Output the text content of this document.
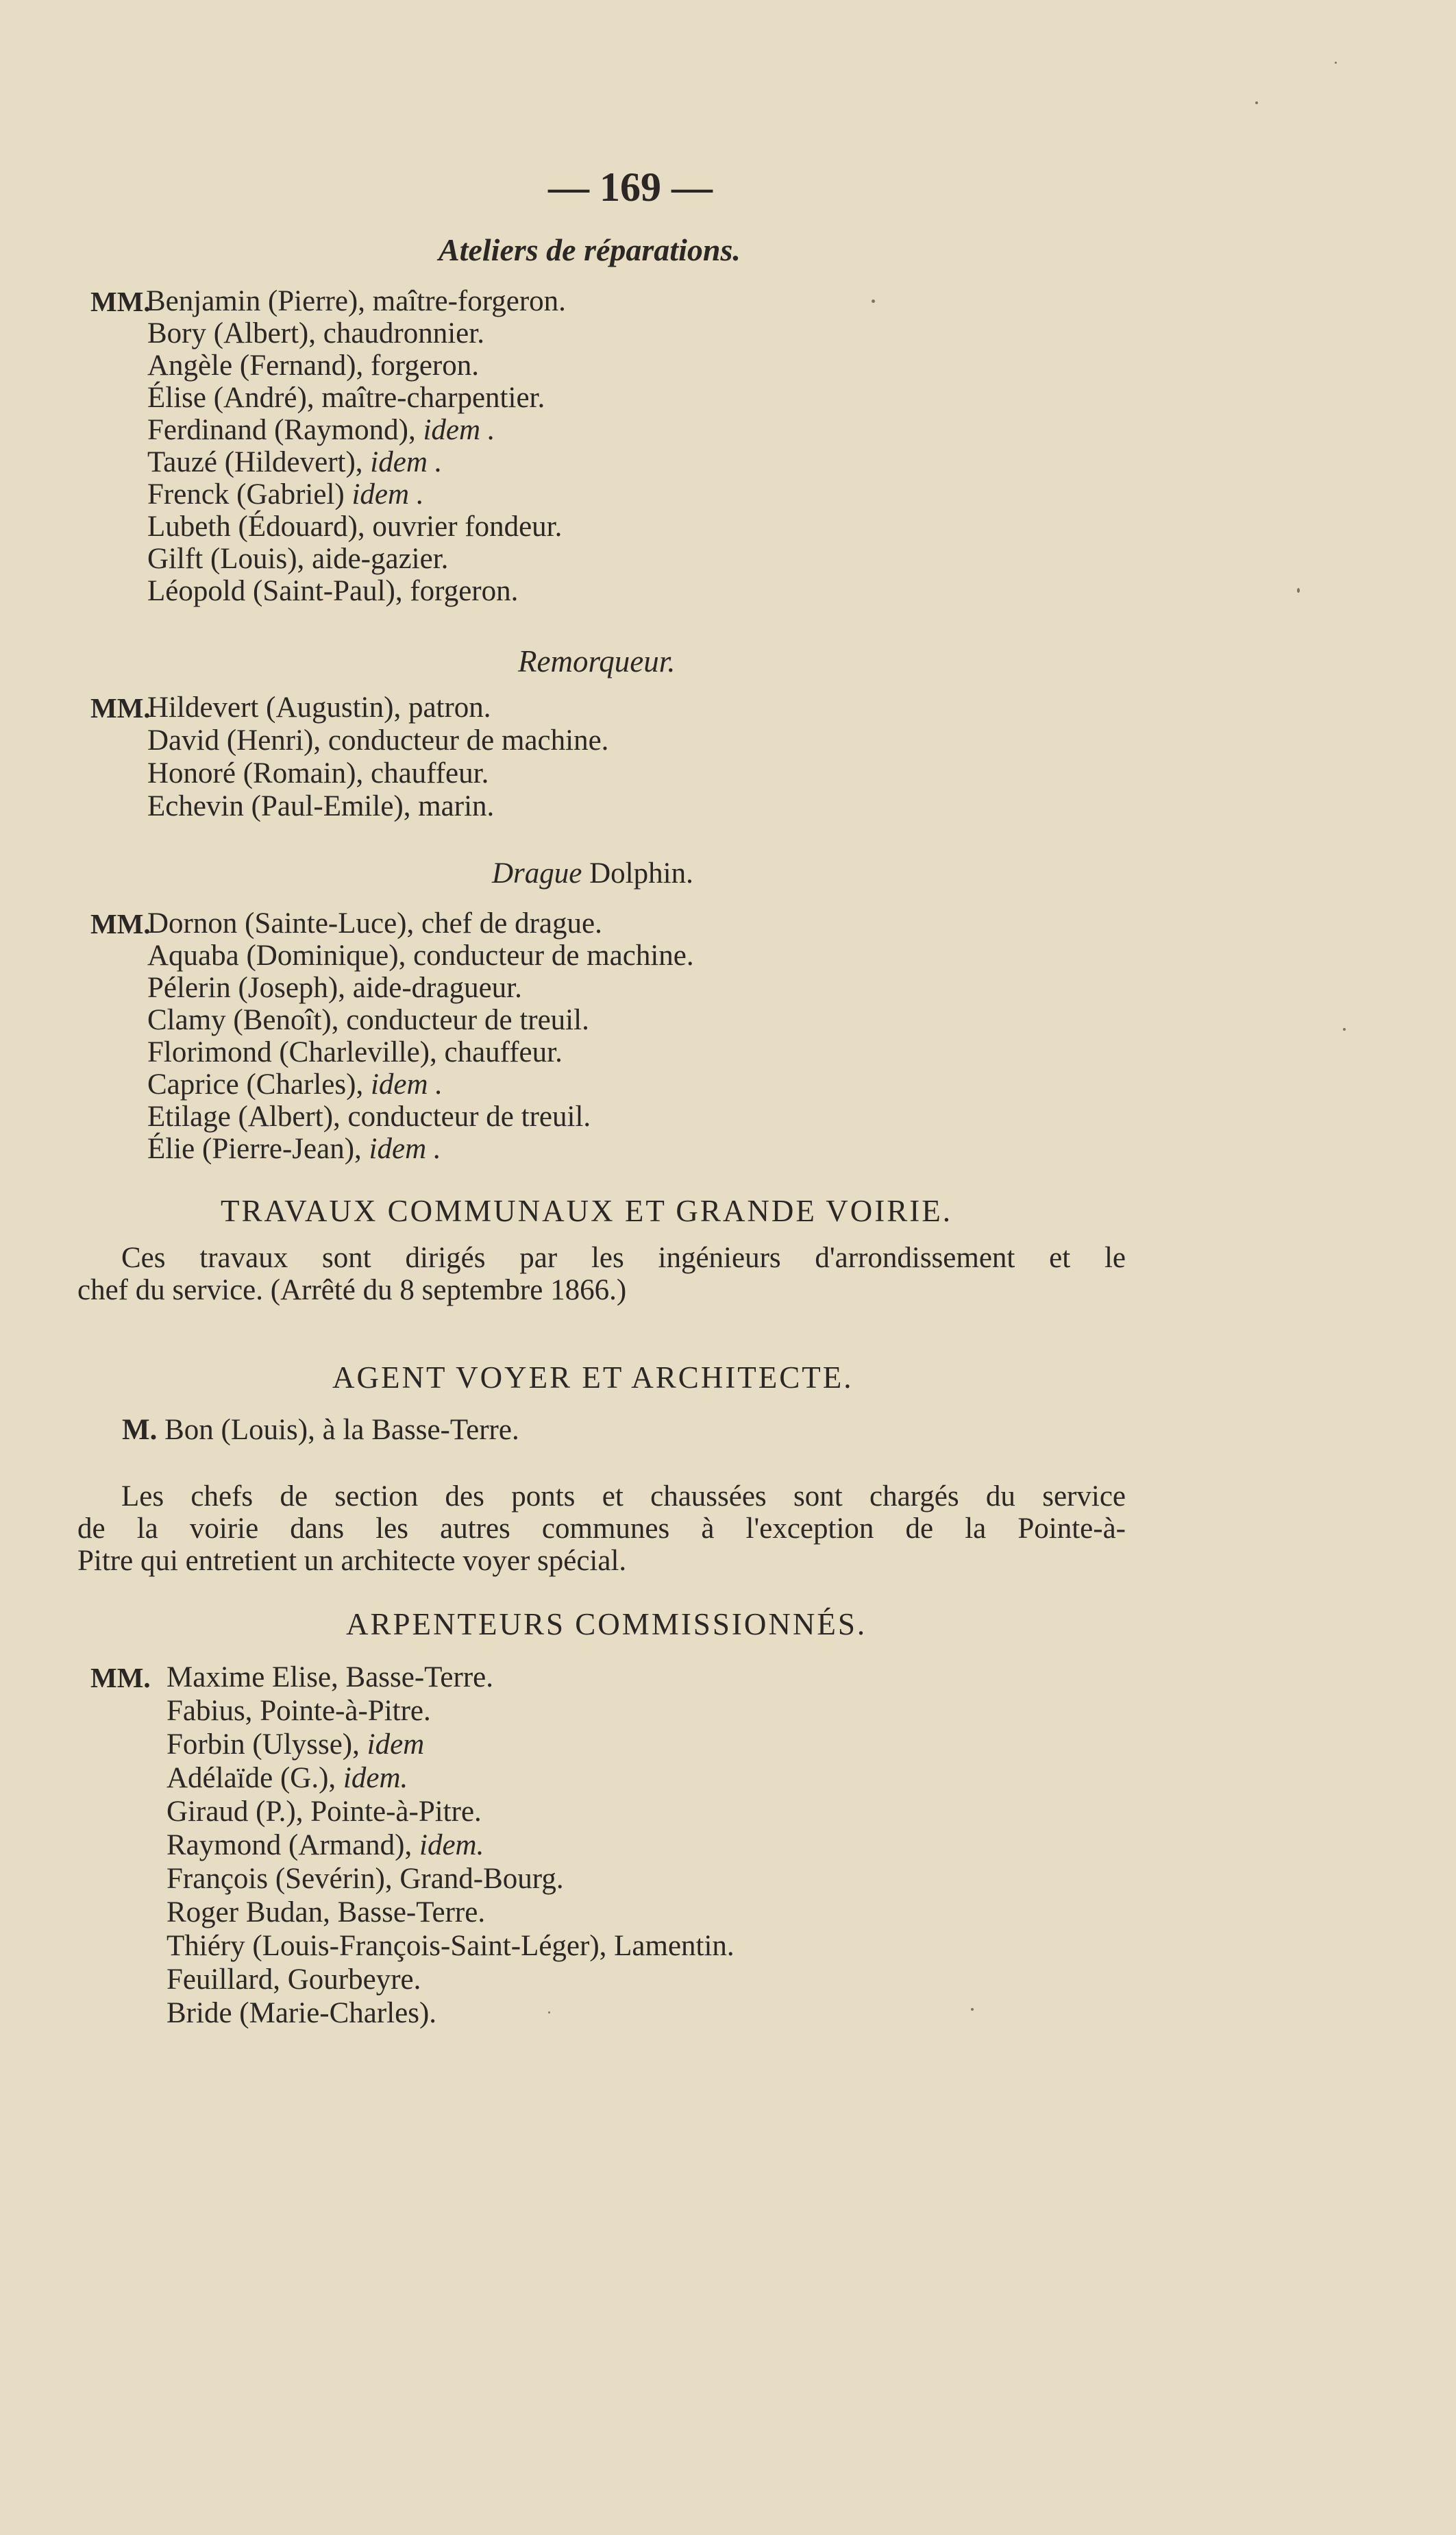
— 169 —
Ateliers de réparations.
MM.
Benjamin (Pierre), maître-forgeron.
Bory (Albert), chaudronnier.
Angèle (Fernand), forgeron.
Élise (André), maître-charpentier.
Ferdinand (Raymond), idem .
Tauzé (Hildevert), idem .
Frenck (Gabriel) idem .
Lubeth (Édouard), ouvrier fondeur.
Gilft (Louis), aide-gazier.
Léopold (Saint-Paul), forgeron.
Remorqueur.
MM.
Hildevert (Augustin), patron.
David (Henri), conducteur de machine.
Honoré (Romain), chauffeur.
Echevin (Paul-Emile), marin.
Drague Dolphin.
MM.
Dornon (Sainte-Luce), chef de drague.
Aquaba (Dominique), conducteur de machine.
Pélerin (Joseph), aide-dragueur.
Clamy (Benoît), conducteur de treuil.
Florimond (Charleville), chauffeur.
Caprice (Charles), idem .
Etilage (Albert), conducteur de treuil.
Élie (Pierre-Jean), idem .
TRAVAUX COMMUNAUX ET GRANDE VOIRIE.
Ces travaux sont dirigés par les ingénieurs d'arrondissement et le
chef du service. (Arrêté du 8 septembre 1866.)
AGENT VOYER ET ARCHITECTE.
M. Bon (Louis), à la Basse-Terre.
Les chefs de section des ponts et chaussées sont chargés du service
de la voirie dans les autres communes à l'exception de la Pointe-à-
Pitre qui entretient un architecte voyer spécial.
ARPENTEURS COMMISSIONNÉS.
MM. Maxime Elise, Basse-Terre.
Fabius, Pointe-à-Pitre.
Forbin (Ulysse), idem
Adélaïde (G.), idem.
Giraud (P.), Pointe-à-Pitre.
Raymond (Armand), idem.
François (Sevérin), Grand-Bourg.
Roger Budan, Basse-Terre.
Thiéry (Louis-François-Saint-Léger), Lamentin.
Feuillard, Gourbeyre.
Bride (Marie-Charles).
